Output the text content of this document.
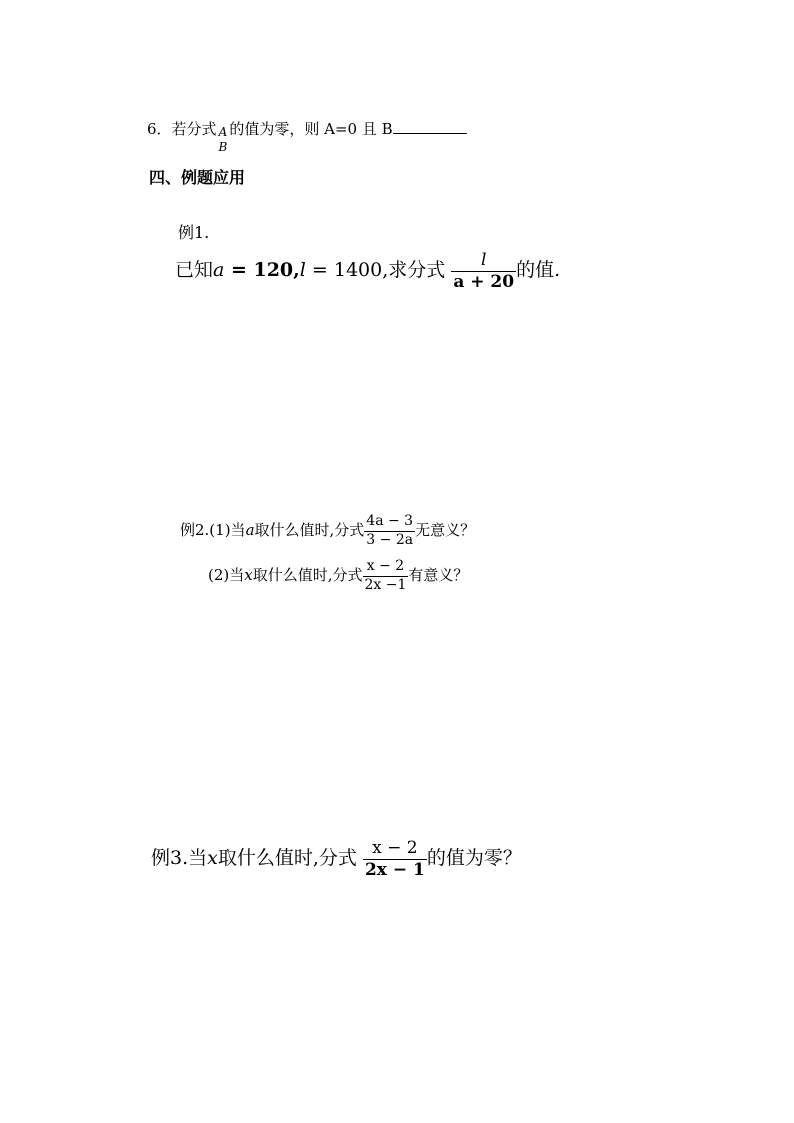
6．若分式 A
B
的值为零，则 A=0 且 B
四、例题应用
例1.
已知a = 120,l = 1400,求分式 $\frac{l}{a + 20}$ 的值.
例2.(1)当a取什么值时,分式 $\frac{4a - 3}{3 - 2a}$ 无意义？
(2)当x取什么值时,分式 $\frac{x - 2}{2x -1}$ 有意义？
例3.当x取什么值时,分式 $\frac{x - 2}{2x - 1}$ 的值为零？
